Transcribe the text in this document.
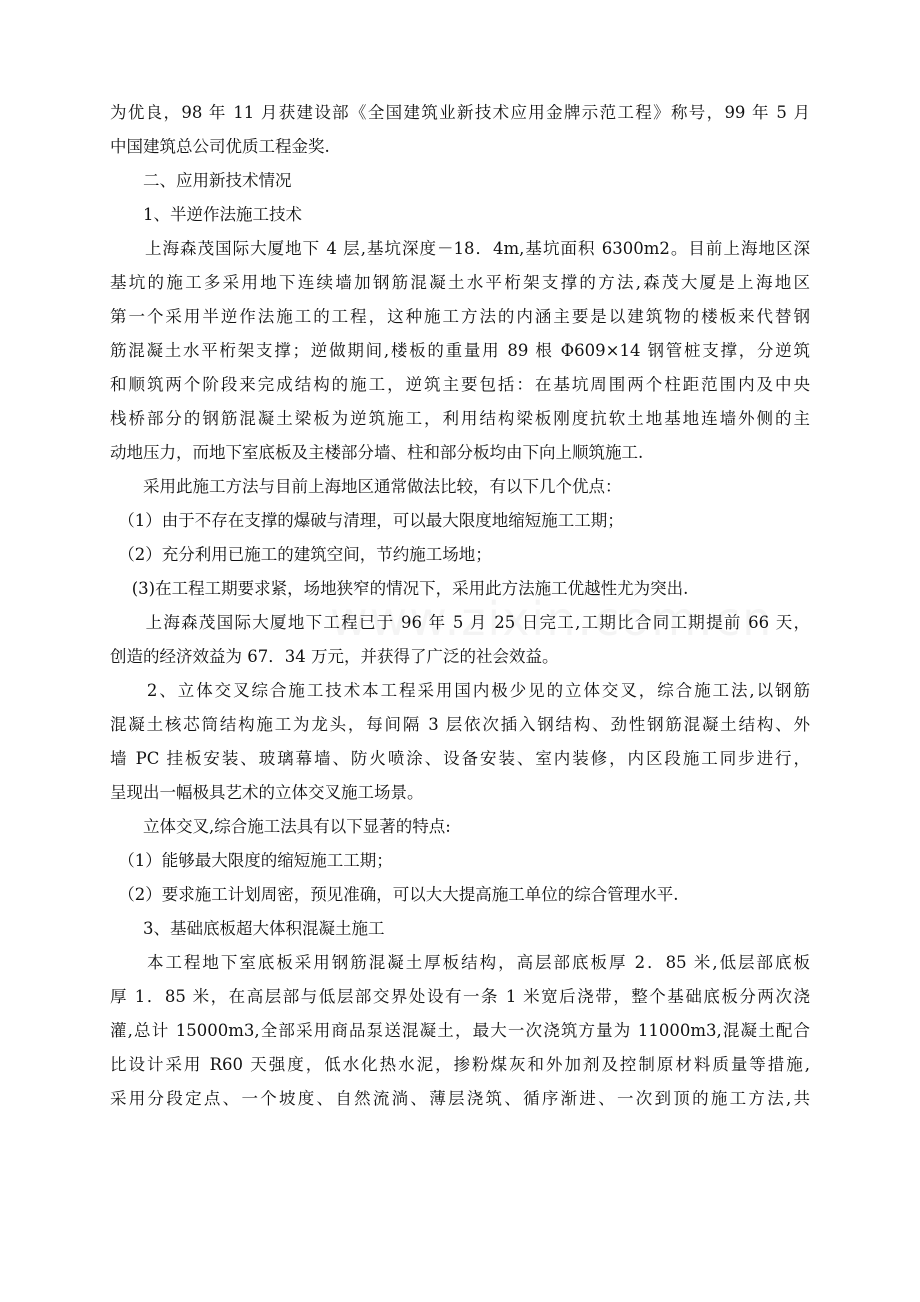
为优良，98 年 11 月获建设部《全国建筑业新技术应用金牌示范工程》称号，99 年 5 月
中国建筑总公司优质工程金奖.
　　二、应用新技术情况
　　1、半逆作法施工技术
　　上海森茂国际大厦地下 4 层,基坑深度－18．4m,基坑面积 6300m2。目前上海地区深
基坑的施工多采用地下连续墙加钢筋混凝土水平桁架支撑的方法,森茂大厦是上海地区
第一个采用半逆作法施工的工程，这种施工方法的内涵主要是以建筑物的楼板来代替钢
筋混凝土水平桁架支撑；逆做期间,楼板的重量用 89 根 Φ609×14 钢管桩支撑，分逆筑
和顺筑两个阶段来完成结构的施工，逆筑主要包括：在基坑周围两个柱距范围内及中央
栈桥部分的钢筋混凝土梁板为逆筑施工，利用结构梁板刚度抗软土地基地连墙外侧的主
动地压力，而地下室底板及主楼部分墙、柱和部分板均由下向上顺筑施工.
　　采用此施工方法与目前上海地区通常做法比较，有以下几个优点：
　（1）由于不存在支撑的爆破与清理，可以最大限度地缩短施工工期；
　（2）充分利用已施工的建筑空间，节约施工场地；
　 (3)在工程工期要求紧，场地狭窄的情况下，采用此方法施工优越性尤为突出.
　　上海森茂国际大厦地下工程已于 96 年 5 月 25 日完工,工期比合同工期提前 66 天，
创造的经济效益为 67．34 万元，并获得了广泛的社会效益。
　　2、立体交叉综合施工技术本工程采用国内极少见的立体交叉，综合施工法,以钢筋
混凝土核芯筒结构施工为龙头，每间隔 3 层依次插入钢结构、劲性钢筋混凝土结构、外
墙 PC 挂板安装、玻璃幕墙、防火喷涂、设备安装、室内装修，内区段施工同步进行，
呈现出一幅极具艺术的立体交叉施工场景。
　　立体交叉,综合施工法具有以下显著的特点:
　（1）能够最大限度的缩短施工工期；
　（2）要求施工计划周密，预见准确，可以大大提高施工单位的综合管理水平.
　　3、基础底板超大体积混凝土施工
　　本工程地下室底板采用钢筋混凝土厚板结构，高层部底板厚 2．85 米,低层部底板
厚 1．85 米，在高层部与低层部交界处设有一条 1 米宽后浇带，整个基础底板分两次浇
灌,总计 15000m3,全部采用商品泵送混凝土，最大一次浇筑方量为 11000m3,混凝土配合
比设计采用 R60 天强度，低水化热水泥，掺粉煤灰和外加剂及控制原材料质量等措施,
采用分段定点、一个坡度、自然流淌、薄层浇筑、循序渐进、一次到顶的施工方法,共
